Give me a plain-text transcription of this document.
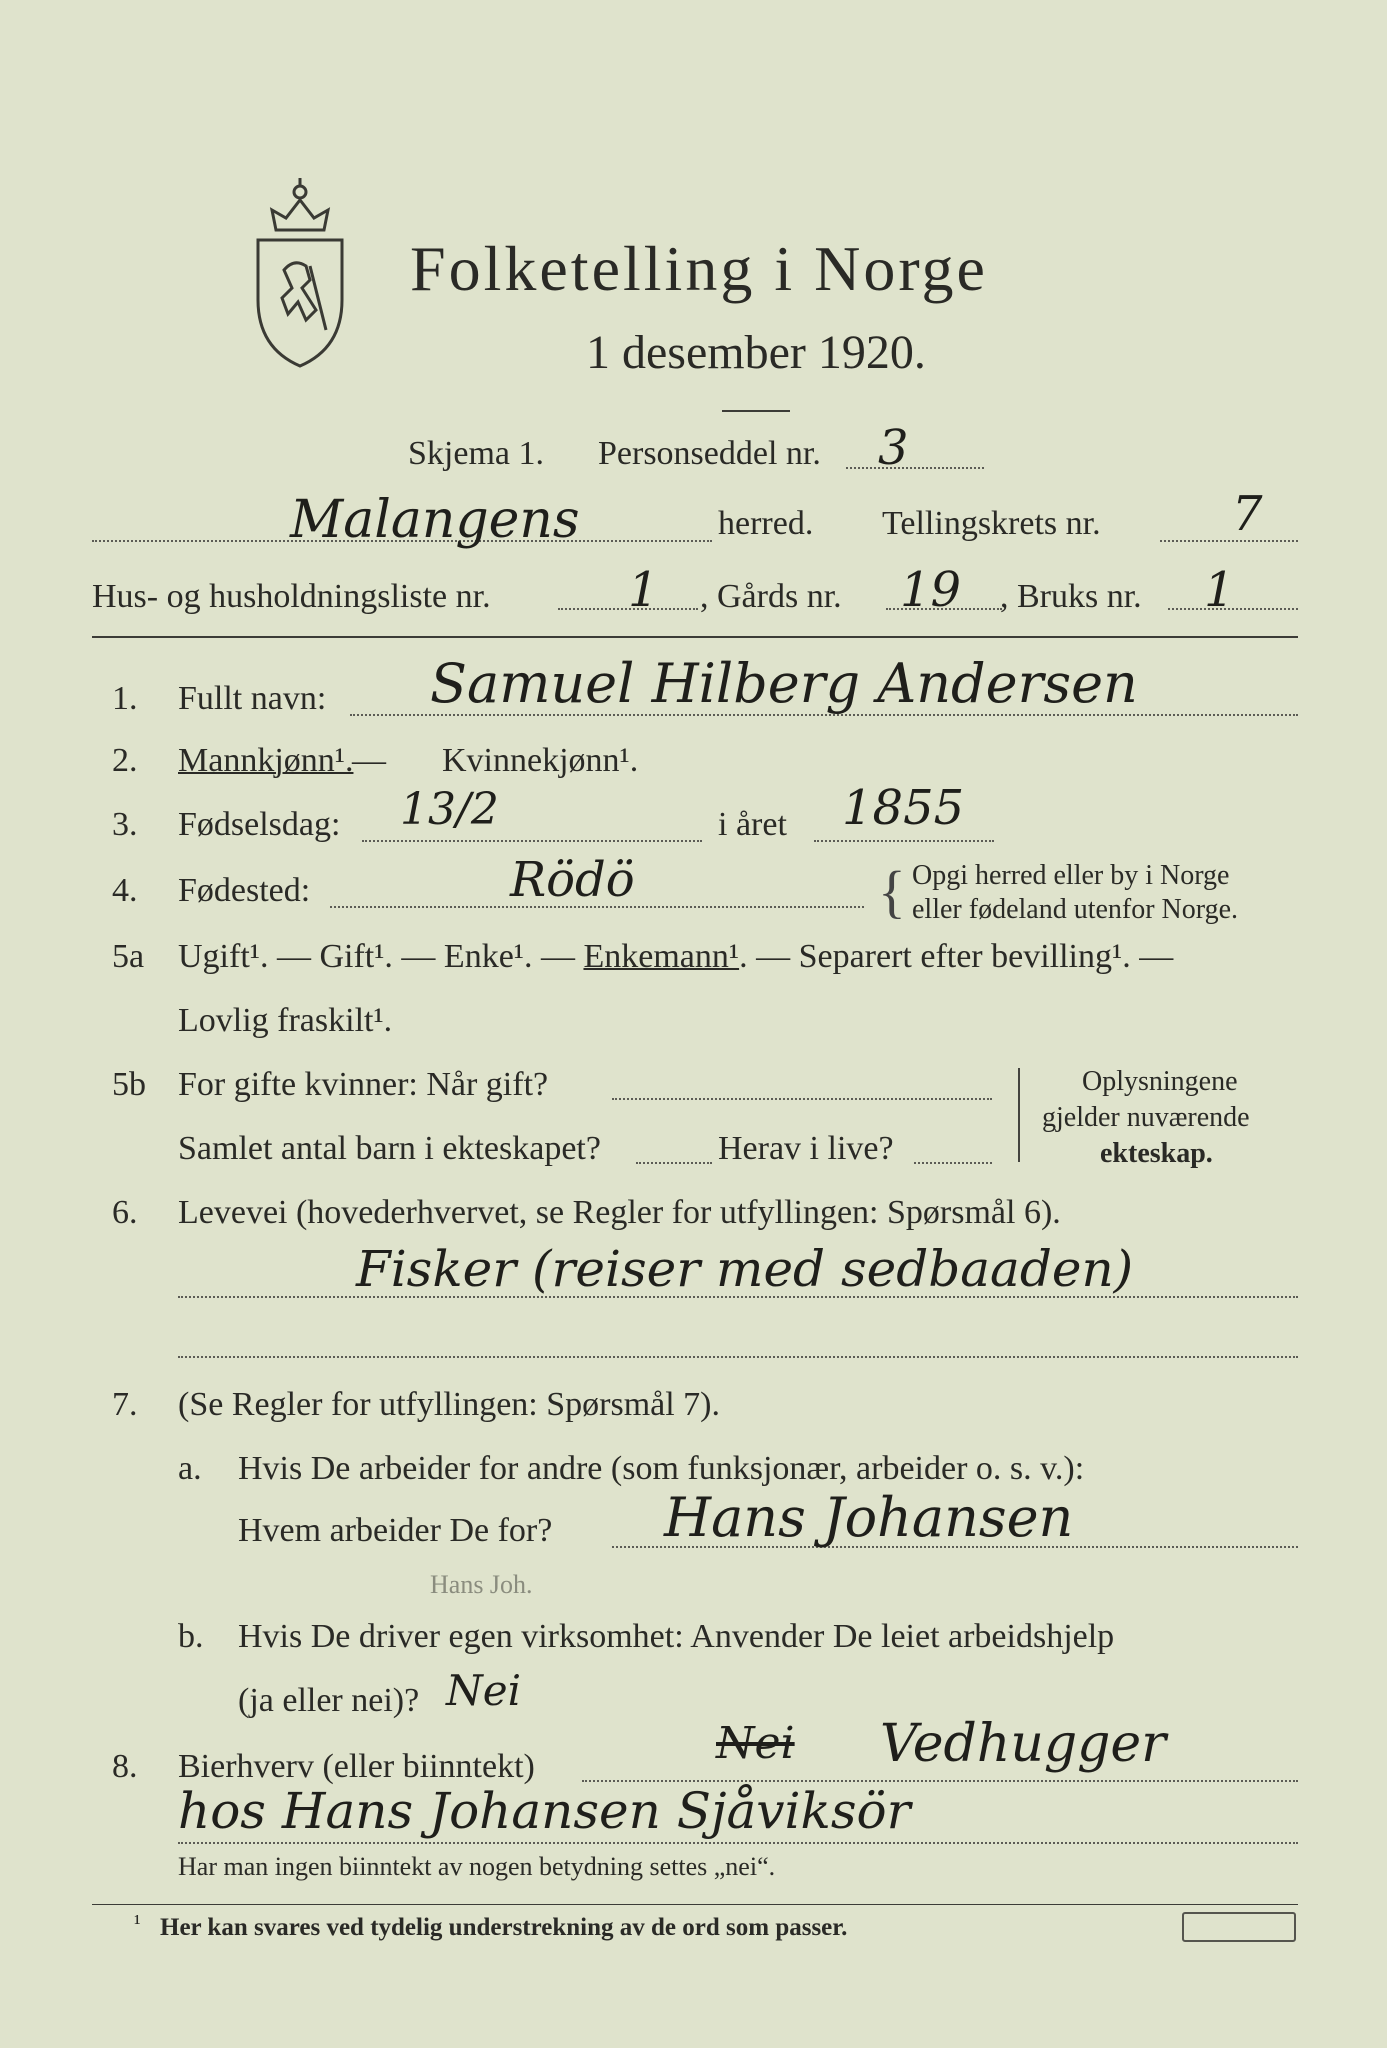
Folketelling i Norge
1 desember 1920.
Skjema 1. Personseddel nr. 3
Malangens	herred. Tellingskrets nr.	7
Hus- og husholdningsliste nr.	1 , Gårds nr. 19 , Bruks nr. 1
1. Fullt navn: Samuel Hilberg Andersen
2. Mannkjønn¹.
— Kvinnekjønn¹.
3. Fødselsdag: 13/2	i året 1855
4. Fødested:	Rödö	{ Opgi herred eller by i Norge
eller fødeland utenfor Norge.
5a Ugift¹. — Gift¹. — Enke¹. — Enkemann¹. — Separert efter bevilling¹. —
Lovlig fraskilt¹.
5b For gifte kvinner: Når gift?
Samlet antal barn i ekteskapet?	Herav i live?
Oplysningene
gjelder nuværende
ekteskap.
6. Levevei (hovederhvervet, se Regler for utfyllingen: Spørsmål 6).
Fisker (reiser med sedbaaden)
7. (Se Regler for utfyllingen: Spørsmål 7).
a. Hvis De arbeider for andre (som funksjonær, arbeider o. s. v.):
Hvem arbeider De for? Hans Johansen
Hans Joh.
b. Hvis De driver egen virksomhet: Anvender De leiet arbeidshjelp
(ja eller nei)? Nei
8. Bierhverv (eller biinntekt)	Nei Vedhugger
hos Hans Johansen Sjåviksör
Har man ingen biinntekt av nogen betydning settes „nei“.
¹ Her kan svares ved tydelig understrekning av de ord som passer.
